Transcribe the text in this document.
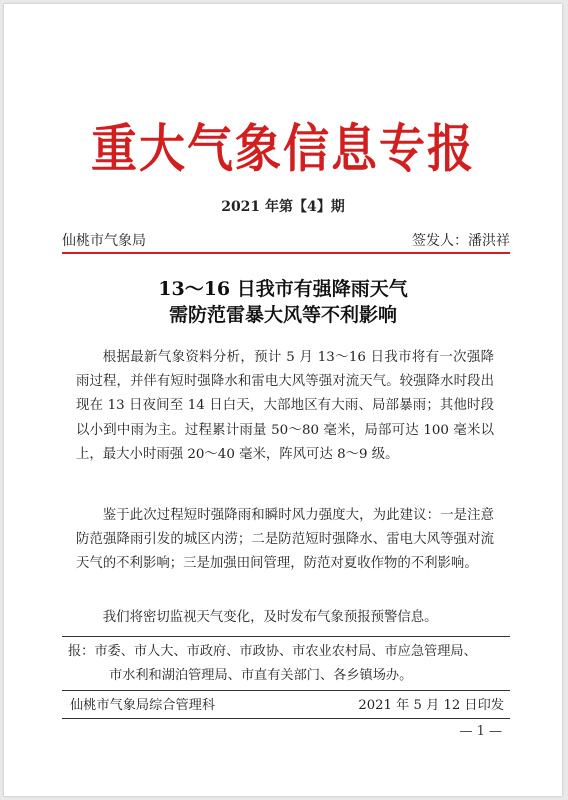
重大气象信息专报
2021 年第【4】期
仙桃市气象局	签发人：潘洪祥
13～16 日我市有强降雨天气
需防范雷暴大风等不利影响

根据最新气象资料分析，预计 5 月 13～16 日我市将有一次强降雨过程，并伴有短时强降水和雷电大风等强对流天气。较强降水时段出现在 13 日夜间至 14 日白天，大部地区有大雨、局部暴雨；其他时段以小到中雨为主。过程累计雨量 50～80 毫米，局部可达 100 毫米以上，最大小时雨强 20～40 毫米，阵风可达 8～9 级。

鉴于此次过程短时强降雨和瞬时风力强度大，为此建议：一是注意防范强降雨引发的城区内涝；二是防范短时强降水、雷电大风等强对流天气的不利影响；三是加强田间管理，防范对夏收作物的不利影响。

我们将密切监视天气变化，及时发布气象预报预警信息。

报：市委、市人大、市政府、市政协、市农业农村局、市应急管理局、
市水利和湖泊管理局、市直有关部门、各乡镇场办。
仙桃市气象局综合管理科	2021 年 5 月 12 日印发
— 1 —
